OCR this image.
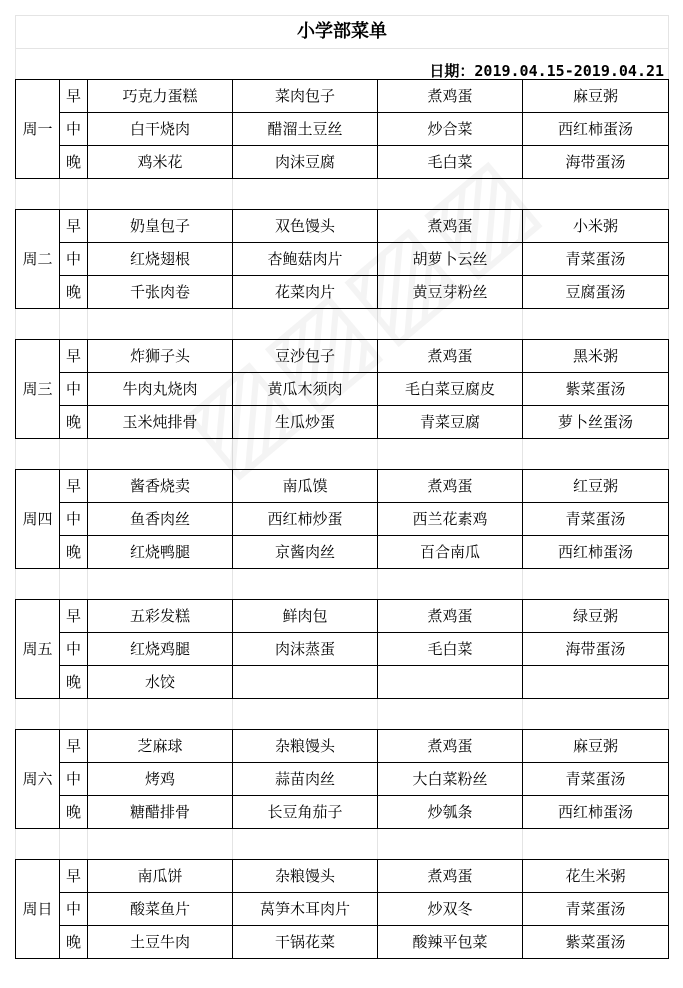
小学部菜单					
日期：2019.04.15-2019.04.21					
周一	早	巧克力蛋糕	菜肉包子	煮鸡蛋	麻豆粥
	中	白干烧肉	醋溜土豆丝	炒合菜	西红柿蛋汤
	晚	鸡米花	肉沫豆腐	毛白菜	海带蛋汤

周二	早	奶皇包子	双色馒头	煮鸡蛋	小米粥
	中	红烧翅根	杏鲍菇肉片	胡萝卜云丝	青菜蛋汤
	晚	千张肉卷	花菜肉片	黄豆芽粉丝	豆腐蛋汤

周三	早	炸狮子头	豆沙包子	煮鸡蛋	黑米粥
	中	牛肉丸烧肉	黄瓜木须肉	毛白菜豆腐皮	紫菜蛋汤
	晚	玉米炖排骨	生瓜炒蛋	青菜豆腐	萝卜丝蛋汤

周四	早	酱香烧卖	南瓜馍	煮鸡蛋	红豆粥
	中	鱼香肉丝	西红柿炒蛋	西兰花素鸡	青菜蛋汤
	晚	红烧鸭腿	京酱肉丝	百合南瓜	西红柿蛋汤

周五	早	五彩发糕	鲜肉包	煮鸡蛋	绿豆粥
	中	红烧鸡腿	肉沫蒸蛋	毛白菜	海带蛋汤
	晚	水饺			

周六	早	芝麻球	杂粮馒头	煮鸡蛋	麻豆粥
	中	烤鸡	蒜苗肉丝	大白菜粉丝	青菜蛋汤
	晚	糖醋排骨	长豆角茄子	炒瓠条	西红柿蛋汤

周日	早	南瓜饼	杂粮馒头	煮鸡蛋	花生米粥
	中	酸菜鱼片	莴笋木耳肉片	炒双冬	青菜蛋汤
	晚	土豆牛肉	干锅花菜	酸辣平包菜	紫菜蛋汤
